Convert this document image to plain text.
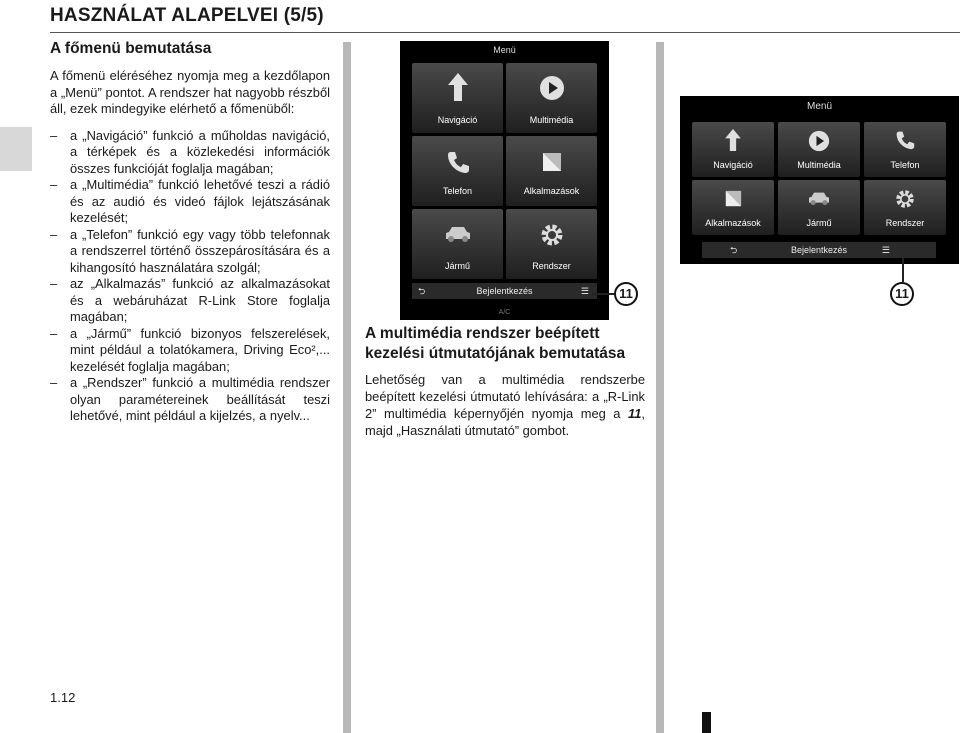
HASZNÁLAT ALAPELVEI (5/5)
A főmenü bemutatása
A főmenü eléréséhez nyomja meg a kezdőlapon a „Menü” pontot. A rendszer hat nagyobb részből áll, ezek mindegyike elérhető a főmenüből:
– a „Navigáció” funkció a műholdas navigáció, a térképek és a közlekedési információk összes funkcióját foglalja magában;
– a „Multimédia” funkció lehetővé teszi a rádió és az audió és videó fájlok lejátszásának kezelését;
– a „Telefon” funkció egy vagy több telefonnak a rendszerrel történő összepárosítására és a kihangosító használatára szolgál;
– az „Alkalmazás” funkció az alkalmazásokat és a webáruházat R-Link Store foglalja magában;
– a „Jármű” funkció bizonyos felszerelések, mint például a tolatókamera, Driving Eco²,... kezelését foglalja magában;
– a „Rendszer” funkció a multimédia rendszer olyan paramétereinek beállítását teszi lehetővé, mint például a kijelzés, a nyelv...
Menü
Navigáció	Multimédia
Telefon	Alkalmazások
Jármű	Rendszer
⮌	Bejelentkezés	☰
A/C
11
A multimédia rendszer beépített kezelési útmutatójának bemutatása
Lehetőség van a multimédia rendszerbe beépített kezelési útmutató lehívására: a „R-Link 2” multimédia képernyőjén nyomja meg a 11, majd „Használati útmutató” gombot.
Menü
Navigáció	Multimédia	Telefon
Alkalmazások	Jármű	Rendszer
⮌	Bejelentkezés	☰
11
1.12
